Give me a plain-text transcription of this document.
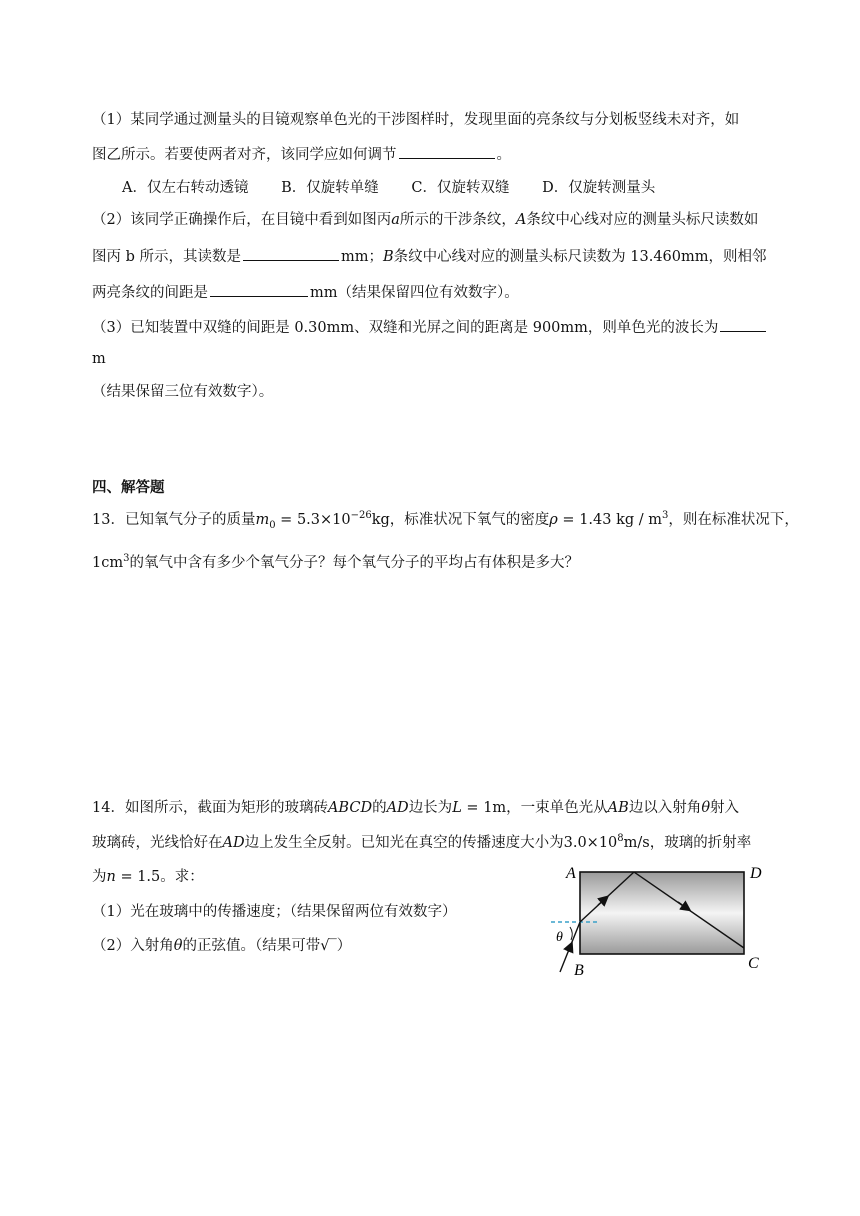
（1）某同学通过测量头的目镜观察单色光的干涉图样时，发现里面的亮条纹与分划板竖线未对齐，如
图乙所示。若要使两者对齐，该同学应如何调节	。
A．仅左右转动透镜 B．仅旋转单缝 C．仅旋转双缝 D．仅旋转测量头
（2）该同学正确操作后，在目镜中看到如图丙a所示的干涉条纹，A条纹中心线对应的测量头标尺读数如
图丙 b 所示，其读数是	mm；B条纹中心线对应的测量头标尺读数为 13.460mm，则相邻
两亮条纹的间距是	mm（结果保留四位有效数字）。
（3）已知装置中双缝的间距是 0.30mm、双缝和光屏之间的距离是 900mm，则单色光的波长为
m
（结果保留三位有效数字）。
四、解答题
13．已知氧气分子的质量$m_0 = 5.3\times 10^{-26}kg$，标准状况下氧气的密度ρ = 1.43 kg / $m^3$，则在标准状况下，
$1cm^3$的氧气中含有多少个氧气分子？每个氧气分子的平均占有体积是多大？
14．如图所示，截面为矩形的玻璃砖ABCD的AD边长为L = 1m，一束单色光从AB边以入射角θ射入
玻璃砖，光线恰好在AD边上发生全反射。已知光在真空的传播速度大小为$3.0\times 10^8m/s$，玻璃的折射率
为n = 1.5。求：
（1）光在玻璃中的传播速度；（结果保留两位有效数字）
（2）入射角θ的正弦值。（结果可带√‾）
A
B	C
D
θ
